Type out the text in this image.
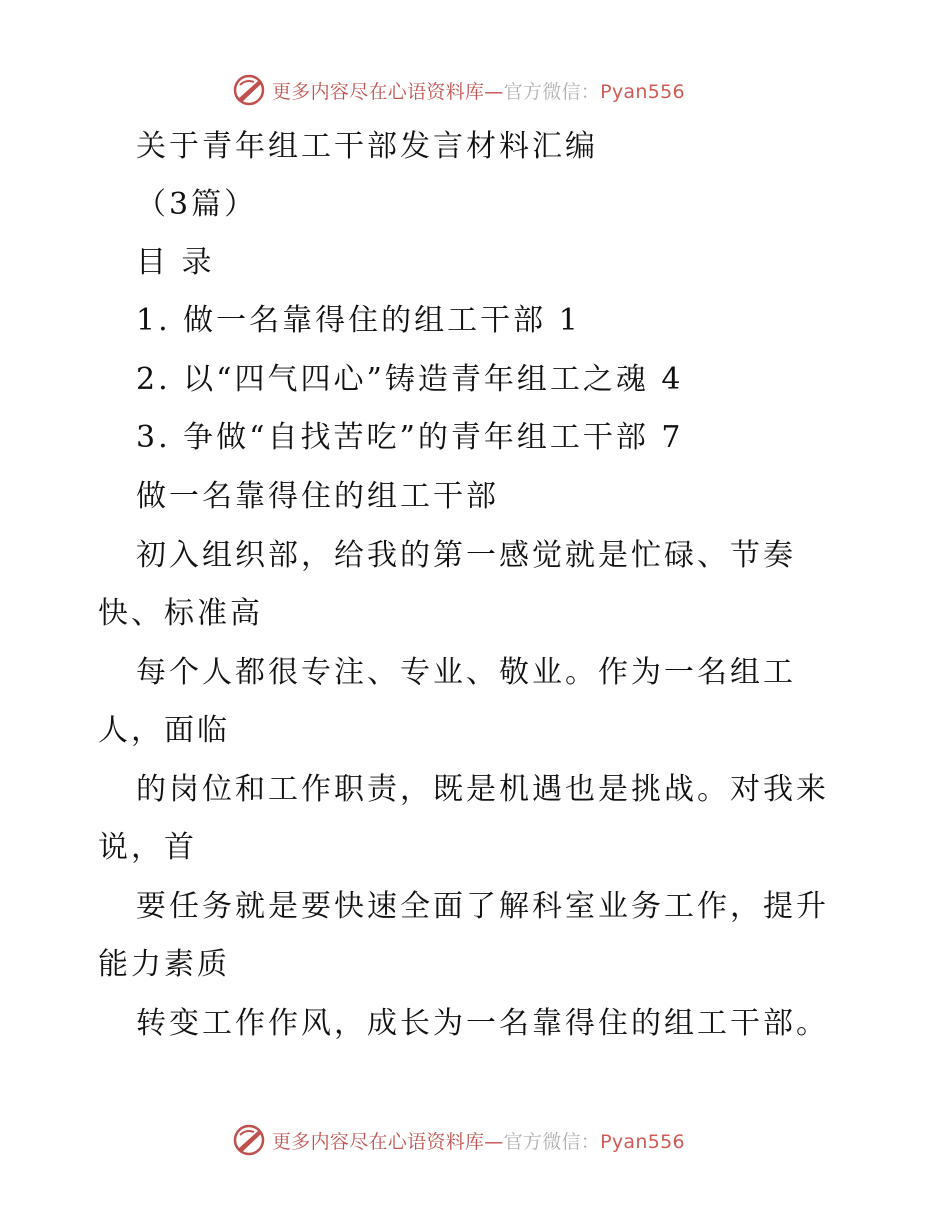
更多内容尽在心语资料库—官方微信：Pyan556
关于青年组工干部发言材料汇编
（3篇）
目 录
1. 做一名靠得住的组工干部 1
2. 以“四气四心”铸造青年组工之魂 4
3. 争做“自找苦吃”的青年组工干部 7
做一名靠得住的组工干部
初入组织部，给我的第一感觉就是忙碌、节奏
快、标准高
每个人都很专注、专业、敬业。作为一名组工
人，面临
的岗位和工作职责，既是机遇也是挑战。对我来
说，首
要任务就是要快速全面了解科室业务工作，提升
能力素质
转变工作作风，成长为一名靠得住的组工干部。
更多内容尽在心语资料库—官方微信：Pyan556
